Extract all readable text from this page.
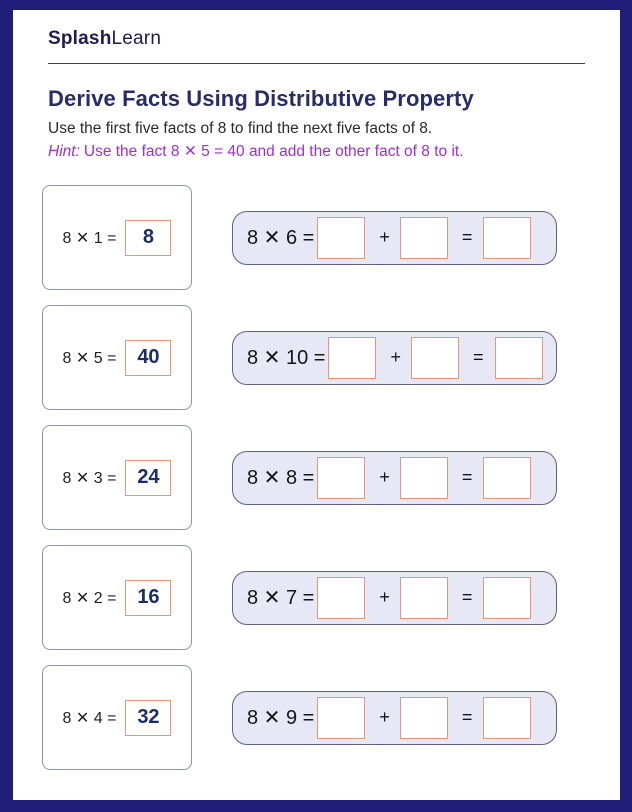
SplashLearn
Derive Facts Using Distributive Property

Use the first five facts of 8 to find the next five facts of 8.

Hint: Use the fact 8 ✕ 5 = 40 and add the other fact of 8 to it.

8 ✕ 1 =	8	8 ✕ 6 =	+	=
8 ✕ 5 =	40	8 ✕ 10 =	+	=
8 ✕ 3 =	24	8 ✕ 8 =	+	=
8 ✕ 2 =	16	8 ✕ 7 =	+	=
8 ✕ 4 =	32	8 ✕ 9 =	+	=
